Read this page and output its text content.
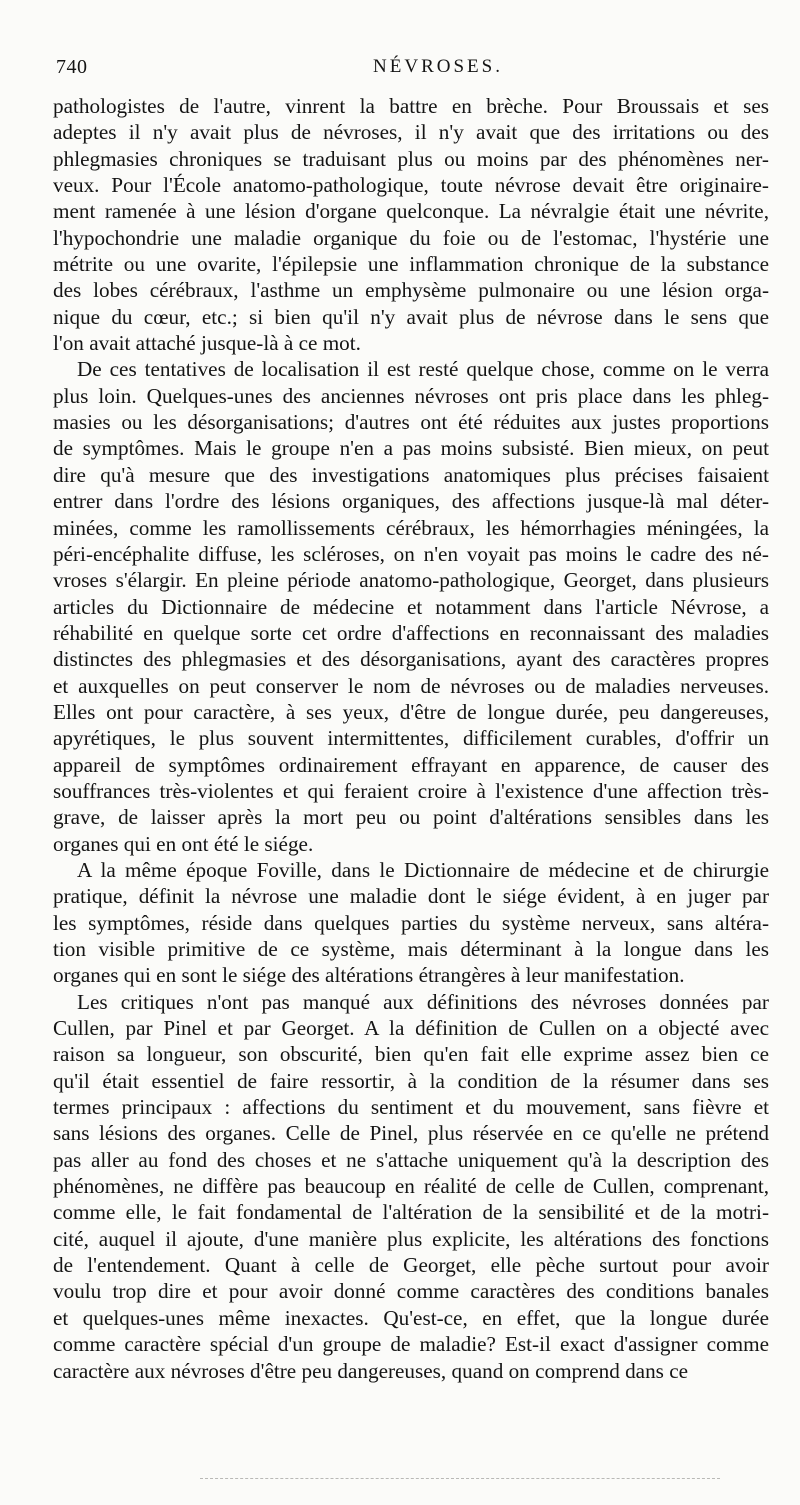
740	NÉVROSES.
pathologistes de l'autre, vinrent la battre en brèche. Pour Broussais et ses
adeptes il n'y avait plus de névroses, il n'y avait que des irritations ou des
phlegmasies chroniques se traduisant plus ou moins par des phénomènes ner-
veux. Pour l'École anatomo-pathologique, toute névrose devait être originaire-
ment ramenée à une lésion d'organe quelconque. La névralgie était une névrite,
l'hypochondrie une maladie organique du foie ou de l'estomac, l'hystérie une
métrite ou une ovarite, l'épilepsie une inflammation chronique de la substance
des lobes cérébraux, l'asthme un emphysème pulmonaire ou une lésion orga-
nique du cœur, etc.; si bien qu'il n'y avait plus de névrose dans le sens que
l'on avait attaché jusque-là à ce mot.
De ces tentatives de localisation il est resté quelque chose, comme on le verra
plus loin. Quelques-unes des anciennes névroses ont pris place dans les phleg-
masies ou les désorganisations; d'autres ont été réduites aux justes proportions
de symptômes. Mais le groupe n'en a pas moins subsisté. Bien mieux, on peut
dire qu'à mesure que des investigations anatomiques plus précises faisaient
entrer dans l'ordre des lésions organiques, des affections jusque-là mal déter-
minées, comme les ramollissements cérébraux, les hémorrhagies méningées, la
péri-encéphalite diffuse, les scléroses, on n'en voyait pas moins le cadre des né-
vroses s'élargir. En pleine période anatomo-pathologique, Georget, dans plusieurs
articles du Dictionnaire de médecine et notamment dans l'article Névrose, a
réhabilité en quelque sorte cet ordre d'affections en reconnaissant des maladies
distinctes des phlegmasies et des désorganisations, ayant des caractères propres
et auxquelles on peut conserver le nom de névroses ou de maladies nerveuses.
Elles ont pour caractère, à ses yeux, d'être de longue durée, peu dangereuses,
apyrétiques, le plus souvent intermittentes, difficilement curables, d'offrir un
appareil de symptômes ordinairement effrayant en apparence, de causer des
souffrances très-violentes et qui feraient croire à l'existence d'une affection très-
grave, de laisser après la mort peu ou point d'altérations sensibles dans les
organes qui en ont été le siége.
A la même époque Foville, dans le Dictionnaire de médecine et de chirurgie
pratique, définit la névrose une maladie dont le siége évident, à en juger par
les symptômes, réside dans quelques parties du système nerveux, sans altéra-
tion visible primitive de ce système, mais déterminant à la longue dans les
organes qui en sont le siége des altérations étrangères à leur manifestation.
Les critiques n'ont pas manqué aux définitions des névroses données par
Cullen, par Pinel et par Georget. A la définition de Cullen on a objecté avec
raison sa longueur, son obscurité, bien qu'en fait elle exprime assez bien ce
qu'il était essentiel de faire ressortir, à la condition de la résumer dans ses
termes principaux : affections du sentiment et du mouvement, sans fièvre et
sans lésions des organes. Celle de Pinel, plus réservée en ce qu'elle ne prétend
pas aller au fond des choses et ne s'attache uniquement qu'à la description des
phénomènes, ne diffère pas beaucoup en réalité de celle de Cullen, comprenant,
comme elle, le fait fondamental de l'altération de la sensibilité et de la motri-
cité, auquel il ajoute, d'une manière plus explicite, les altérations des fonctions
de l'entendement. Quant à celle de Georget, elle pèche surtout pour avoir
voulu trop dire et pour avoir donné comme caractères des conditions banales
et quelques-unes même inexactes. Qu'est-ce, en effet, que la longue durée
comme caractère spécial d'un groupe de maladie? Est-il exact d'assigner comme
caractère aux névroses d'être peu dangereuses, quand on comprend dans ce
